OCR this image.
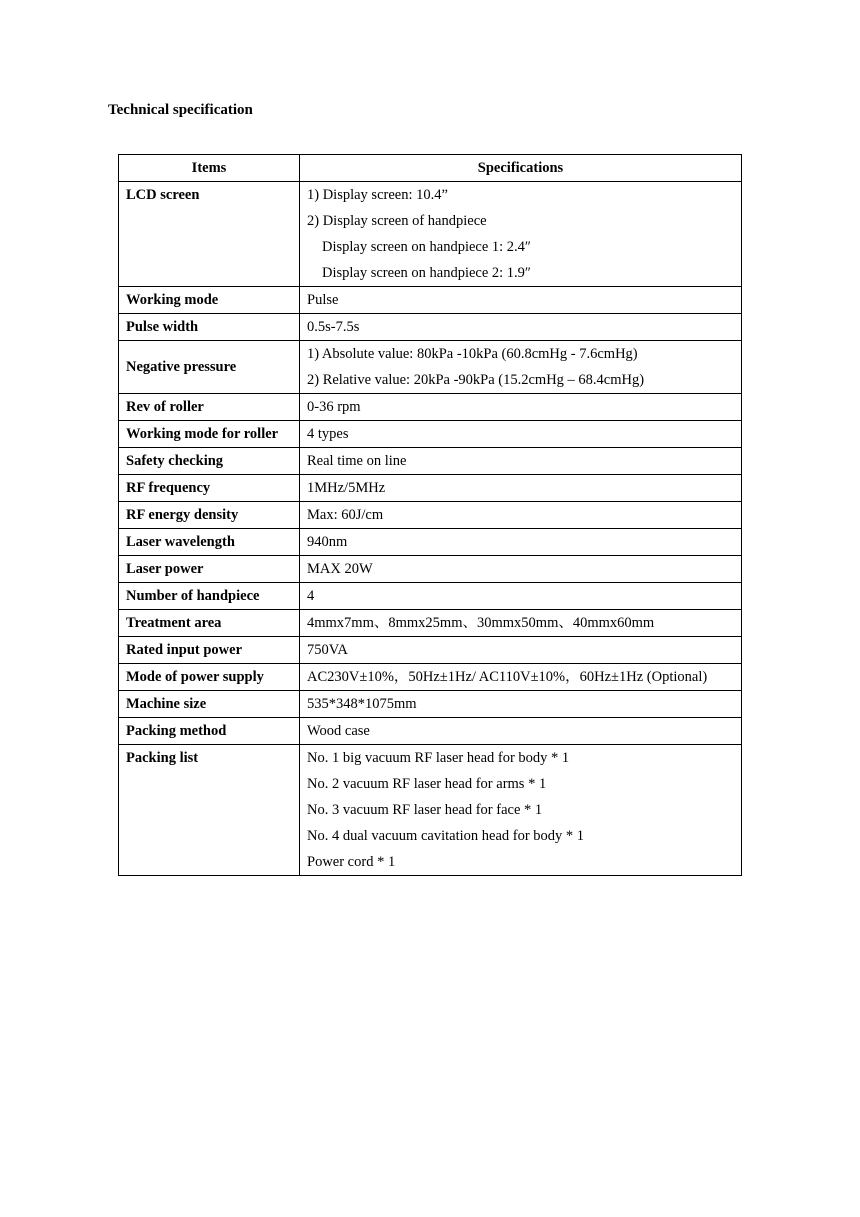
Technical specification
Items	Specifications
LCD screen	1) Display screen: 10.4”
2) Display screen of handpiece
Display screen on handpiece 1: 2.4″
Display screen on handpiece 2: 1.9″

Working mode	Pulse
Pulse width	0.5s-7.5s
Negative pressure	1) Absolute value: 80kPa -10kPa (60.8cmHg - 7.6cmHg)
2) Relative value: 20kPa -90kPa (15.2cmHg – 68.4cmHg)

Rev of roller	0-36 rpm
Working mode for roller	4 types
Safety checking	Real time on line
RF frequency	1MHz/5MHz
RF energy density	Max: 60J/cm
Laser wavelength	940nm
Laser power	MAX 20W
Number of handpiece	4
Treatment area	4mmx7mm、8mmx25mm、30mmx50mm、40mmx60mm
Rated input power	750VA
Mode of power supply	AC230V±10%，50Hz±1Hz/ AC110V±10%，60Hz±1Hz (Optional)
Machine size	535*348*1075mm
Packing method	Wood case
Packing list	No. 1 big vacuum RF laser head for body * 1
No. 2 vacuum RF laser head for arms * 1
No. 3 vacuum RF laser head for face * 1
No. 4 dual vacuum cavitation head for body * 1
Power cord * 1
